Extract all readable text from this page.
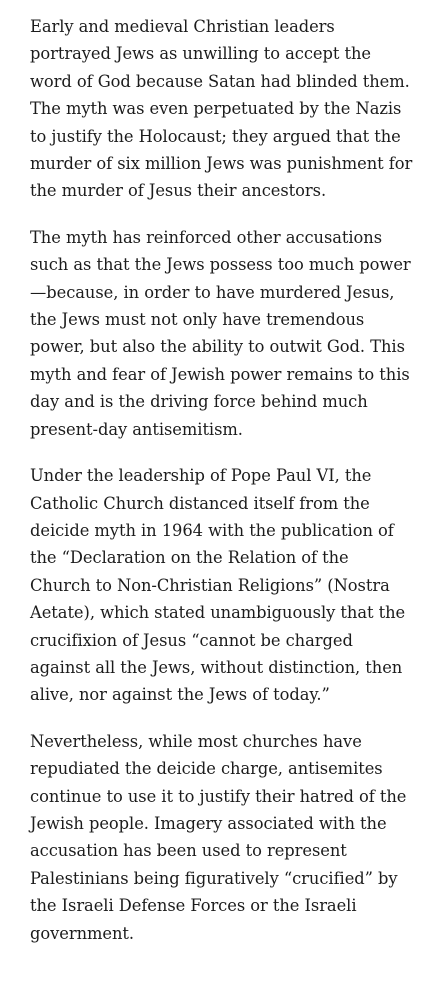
Early and medieval Christian leaders portrayed Jews as unwilling to accept the word of God because Satan had blinded them. The myth was even perpetuated by the Nazis to justify the Holocaust; they argued that the murder of six million Jews was punishment for the murder of Jesus their ancestors.

The myth has reinforced other accusations such as that the Jews possess too much power —because, in order to have murdered Jesus, the Jews must not only have tremendous power, but also the ability to outwit God. This myth and fear of Jewish power remains to this day and is the driving force behind much present-day antisemitism.

Under the leadership of Pope Paul VI, the Catholic Church distanced itself from the deicide myth in 1964 with the publication of the “Declaration on the Relation of the Church to Non-Christian Religions” (Nostra Aetate), which stated unambiguously that the crucifixion of Jesus “cannot be charged against all the Jews, without distinction, then alive, nor against the Jews of today.”

Nevertheless, while most churches have repudiated the deicide charge, antisemites continue to use it to justify their hatred of the Jewish people. Imagery associated with the accusation has been used to represent Palestinians being figuratively “crucified” by the Israeli Defense Forces or the Israeli government.
